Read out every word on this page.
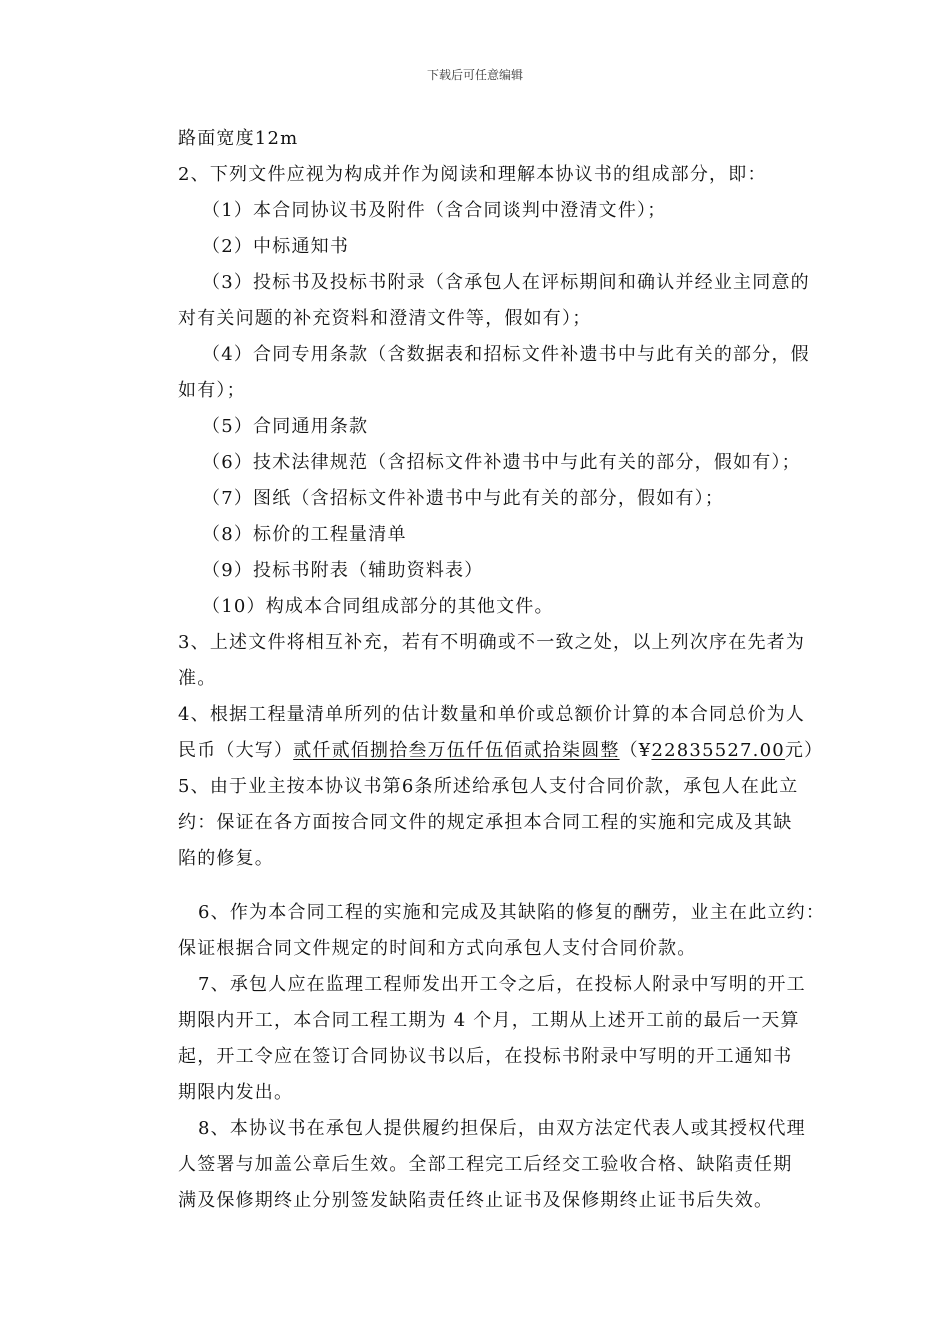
下载后可任意编辑
路面宽度12m
2、下列文件应视为构成并作为阅读和理解本协议书的组成部分，即：
（1）本合同协议书及附件（含合同谈判中澄清文件）；
（2）中标通知书
（3）投标书及投标书附录（含承包人在评标期间和确认并经业主同意的
对有关问题的补充资料和澄清文件等，假如有）；
（4）合同专用条款（含数据表和招标文件补遗书中与此有关的部分，假
如有）；
（5）合同通用条款
（6）技术法律规范（含招标文件补遗书中与此有关的部分，假如有）；
（7）图纸（含招标文件补遗书中与此有关的部分，假如有）；
（8）标价的工程量清单
（9）投标书附表（辅助资料表）
（10）构成本合同组成部分的其他文件。
3、上述文件将相互补充，若有不明确或不一致之处，以上列次序在先者为
准。
4、根据工程量清单所列的估计数量和单价或总额价计算的本合同总价为人
民币（大写）贰仟贰佰捌拾叁万伍仟伍佰贰拾柒圆整（¥22835527.00元）
5、由于业主按本协议书第6条所述给承包人支付合同价款，承包人在此立
约：保证在各方面按合同文件的规定承担本合同工程的实施和完成及其缺
陷的修复。
6、作为本合同工程的实施和完成及其缺陷的修复的酬劳，业主在此立约：
保证根据合同文件规定的时间和方式向承包人支付合同价款。
7、承包人应在监理工程师发出开工令之后，在投标人附录中写明的开工
期限内开工，本合同工程工期为 4 个月，工期从上述开工前的最后一天算
起，开工令应在签订合同协议书以后，在投标书附录中写明的开工通知书
期限内发出。
8、本协议书在承包人提供履约担保后，由双方法定代表人或其授权代理
人签署与加盖公章后生效。全部工程完工后经交工验收合格、缺陷责任期
满及保修期终止分别签发缺陷责任终止证书及保修期终止证书后失效。
